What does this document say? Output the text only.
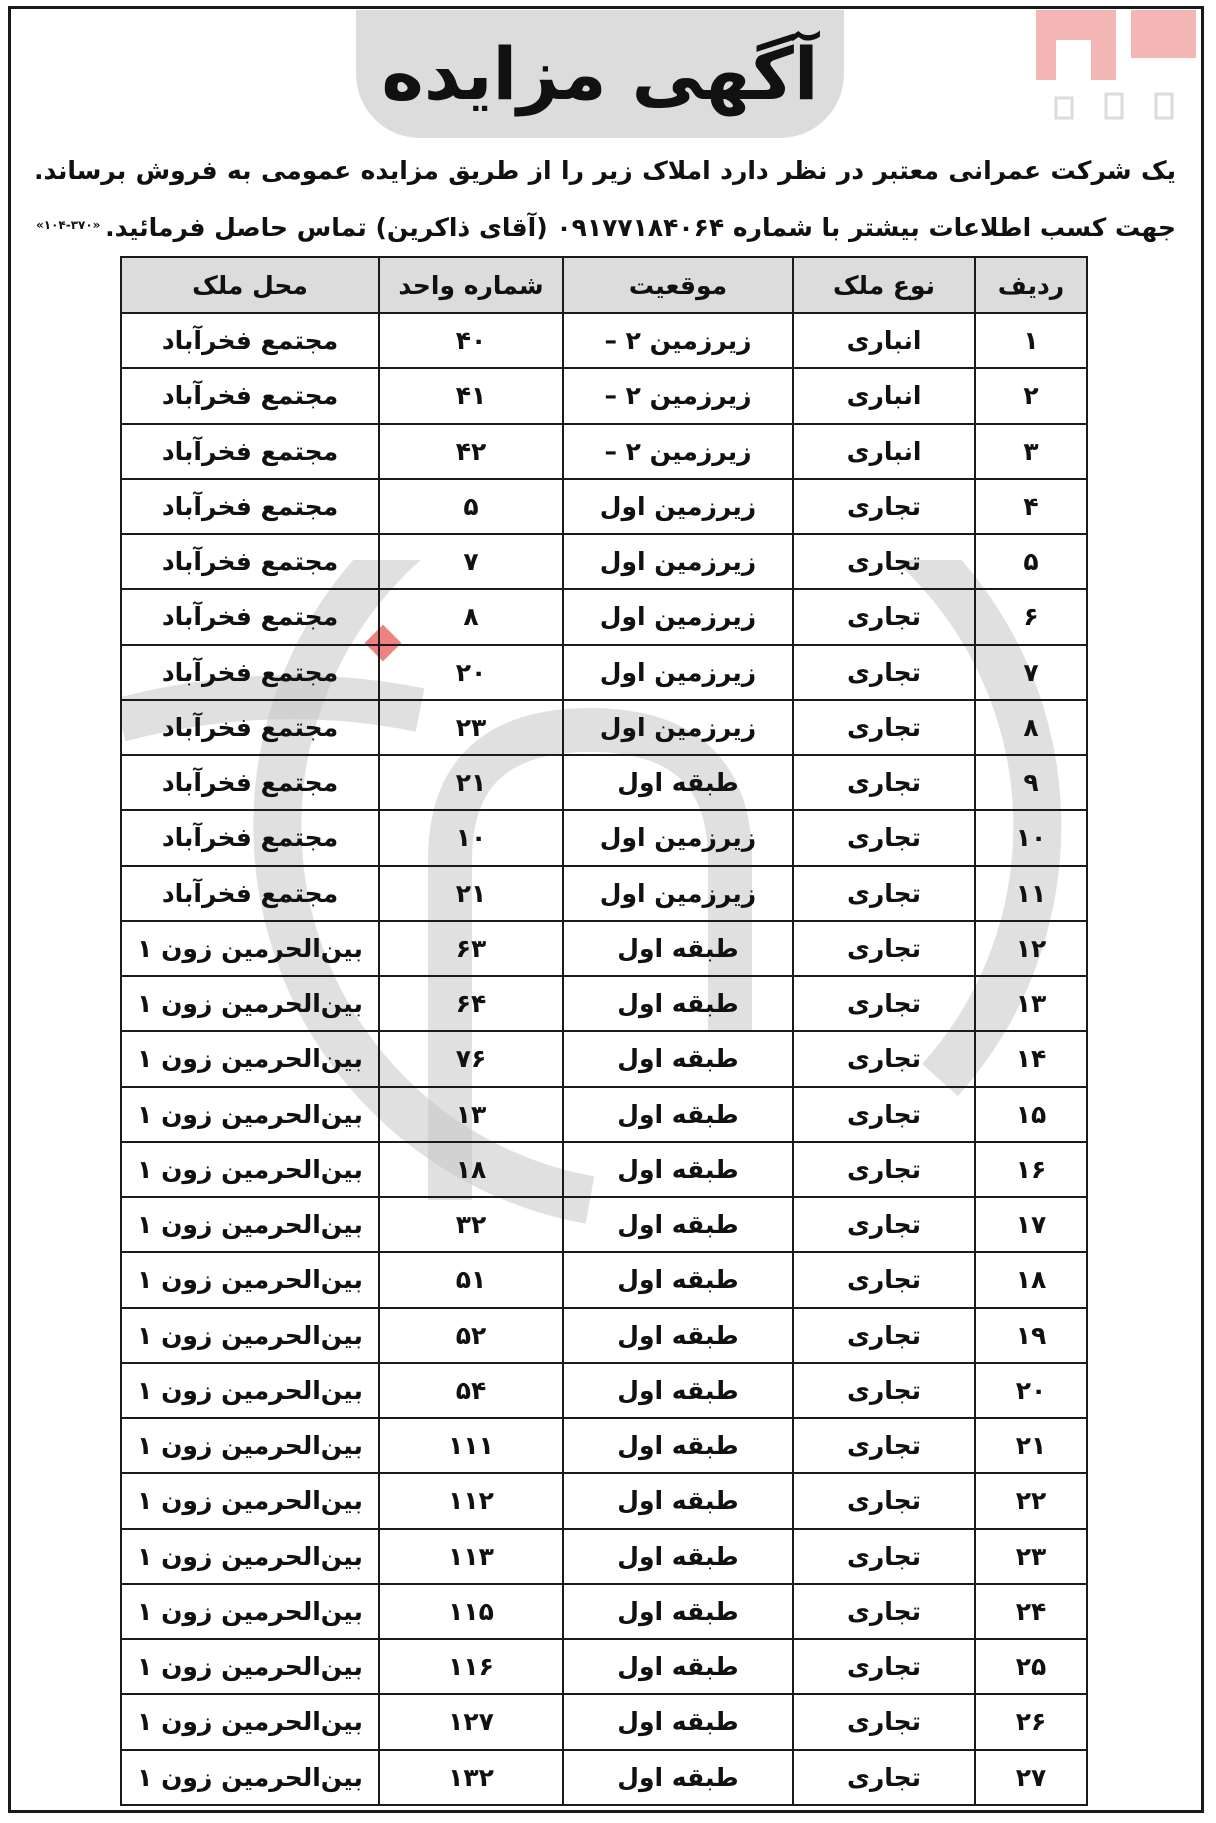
آگهی مزایده
یک شرکت عمرانی معتبر در نظر دارد املاک زیر را از طریق مزایده عمومی به فروش برساند. جهت کسب اطلاعات بیشتر با شماره ۰۹۱۷۷۱۸۴۰۶۴ (آقای ذاکرین) تماس حاصل فرمائید.
«۱۰۴-۳۷۰»
ردیف	نوع ملک	موقعیت	شماره واحد	محل ملک
۱	انباری	زیرزمین ۲ –	۴۰	مجتمع فخرآباد
۲	انباری	زیرزمین ۲ –	۴۱	مجتمع فخرآباد
۳	انباری	زیرزمین ۲ –	۴۲	مجتمع فخرآباد
۴	تجاری	زیرزمین اول	۵	مجتمع فخرآباد
۵	تجاری	زیرزمین اول	۷	مجتمع فخرآباد
۶	تجاری	زیرزمین اول	۸	مجتمع فخرآباد
۷	تجاری	زیرزمین اول	۲۰	مجتمع فخرآباد
۸	تجاری	زیرزمین اول	۲۳	مجتمع فخرآباد
۹	تجاری	طبقه اول	۲۱	مجتمع فخرآباد
۱۰	تجاری	زیرزمین اول	۱۰	مجتمع فخرآباد
۱۱	تجاری	زیرزمین اول	۲۱	مجتمع فخرآباد
۱۲	تجاری	طبقه اول	۶۳	بین‌الحرمین زون ۱
۱۳	تجاری	طبقه اول	۶۴	بین‌الحرمین زون ۱
۱۴	تجاری	طبقه اول	۷۶	بین‌الحرمین زون ۱
۱۵	تجاری	طبقه اول	۱۳	بین‌الحرمین زون ۱
۱۶	تجاری	طبقه اول	۱۸	بین‌الحرمین زون ۱
۱۷	تجاری	طبقه اول	۳۲	بین‌الحرمین زون ۱
۱۸	تجاری	طبقه اول	۵۱	بین‌الحرمین زون ۱
۱۹	تجاری	طبقه اول	۵۲	بین‌الحرمین زون ۱
۲۰	تجاری	طبقه اول	۵۴	بین‌الحرمین زون ۱
۲۱	تجاری	طبقه اول	۱۱۱	بین‌الحرمین زون ۱
۲۲	تجاری	طبقه اول	۱۱۲	بین‌الحرمین زون ۱
۲۳	تجاری	طبقه اول	۱۱۳	بین‌الحرمین زون ۱
۲۴	تجاری	طبقه اول	۱۱۵	بین‌الحرمین زون ۱
۲۵	تجاری	طبقه اول	۱۱۶	بین‌الحرمین زون ۱
۲۶	تجاری	طبقه اول	۱۲۷	بین‌الحرمین زون ۱
۲۷	تجاری	طبقه اول	۱۳۲	بین‌الحرمین زون ۱
